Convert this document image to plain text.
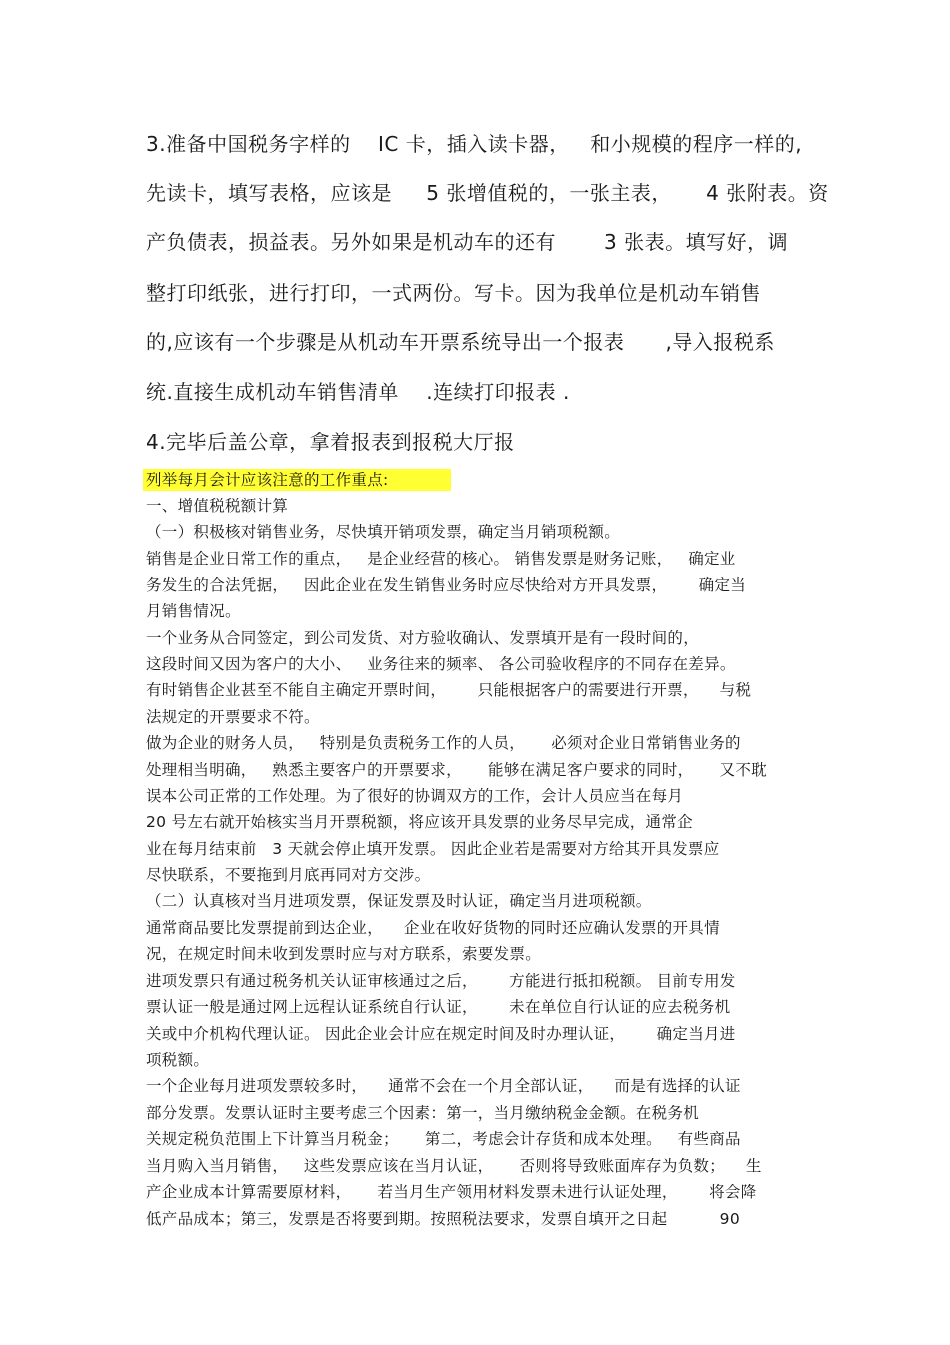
3.准备中国税务字样的    IC 卡，插入读卡器，   和小规模的程序一样的,
先读卡，填写表格，应该是     5 张增值税的，一张主表，     4 张附表。资
产负债表，损益表。另外如果是机动车的还有       3 张表。填写好，调
整打印纸张，进行打印，一式两份。写卡。因为我单位是机动车销售
的,应该有一个步骤是从机动车开票系统导出一个报表      ,导入报税系
统.直接生成机动车销售清单    .连续打印报表 .
4.完毕后盖公章，拿着报表到报税大厅报
列举每月会计应该注意的工作重点:
一、增值税税额计算
（一）积极核对销售业务，尽快填开销项发票，确定当月销项税额。
销售是企业日常工作的重点，   是企业经营的核心。 销售发票是财务记账，   确定业
务发生的合法凭据，   因此企业在发生销售业务时应尽快给对方开具发票，      确定当
月销售情况。
一个业务从合同签定，到公司发货、对方验收确认、发票填开是有一段时间的，
这段时间又因为客户的大小、   业务往来的频率、 各公司验收程序的不同存在差异。
有时销售企业甚至不能自主确定开票时间，      只能根据客户的需要进行开票，    与税
法规定的开票要求不符。
做为企业的财务人员，   特别是负责税务工作的人员，     必须对企业日常销售业务的
处理相当明确，   熟悉主要客户的开票要求，     能够在满足客户要求的同时，     又不耽
误本公司正常的工作处理。为了很好的协调双方的工作，会计人员应当在每月
20 号左右就开始核实当月开票税额，将应该开具发票的业务尽早完成，通常企
业在每月结束前   3 天就会停止填开发票。 因此企业若是需要对方给其开具发票应
尽快联系，不要拖到月底再同对方交涉。
（二）认真核对当月进项发票，保证发票及时认证，确定当月进项税额。
通常商品要比发票提前到达企业，    企业在收好货物的同时还应确认发票的开具情
况，在规定时间未收到发票时应与对方联系，索要发票。
进项发票只有通过税务机关认证审核通过之后，      方能进行抵扣税额。 目前专用发
票认证一般是通过网上远程认证系统自行认证，      未在单位自行认证的应去税务机
关或中介机构代理认证。 因此企业会计应在规定时间及时办理认证，      确定当月进
项税额。
一个企业每月进项发票较多时，    通常不会在一个月全部认证，    而是有选择的认证
部分发票。发票认证时主要考虑三个因素：第一，当月缴纳税金金额。在税务机
关规定税负范围上下计算当月税金；     第二，考虑会计存货和成本处理。   有些商品
当月购入当月销售，   这些发票应该在当月认证，     否则将导致账面库存为负数；    生
产企业成本计算需要原材料，     若当月生产领用材料发票未进行认证处理，      将会降
低产品成本；第三，发票是否将要到期。按照税法要求，发票自填开之日起          90
